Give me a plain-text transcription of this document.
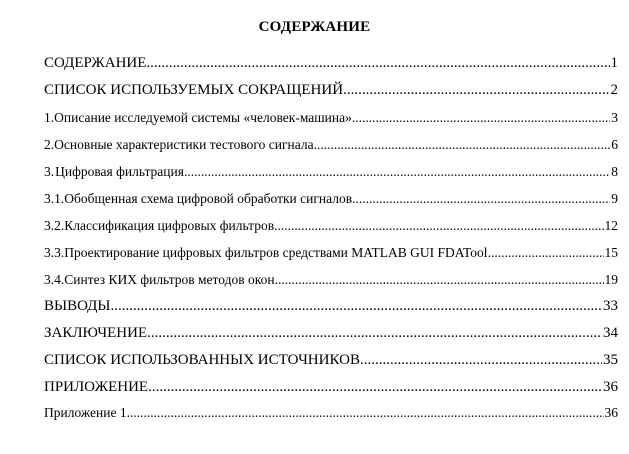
СОДЕРЖАНИЕ
СОДЕРЖАНИЕ .....	1
СПИСОК ИСПОЛЬЗУЕМЫХ СОКРАЩЕНИЙ .....	2
1. Описание исследуемой системы «человек-машина» .....	3
2. Основные характеристики тестового сигнала .....	6
3. Цифровая фильтрация .....	8
3.1. Обобщенная схема цифровой обработки сигналов .....	9
3.2. Классификация цифровых фильтров .....	12
3.3. Проектирование цифровых фильтров средствами MATLAB GUI FDATool .....	15
3.4. Синтез КИХ фильтров методов окон .....	19
ВЫВОДЫ .....	33
ЗАКЛЮЧЕНИЕ .....	34
СПИСОК ИСПОЛЬЗОВАННЫХ ИСТОЧНИКОВ .....	35
ПРИЛОЖЕНИЕ .....	36
Приложение 1 .....	36
